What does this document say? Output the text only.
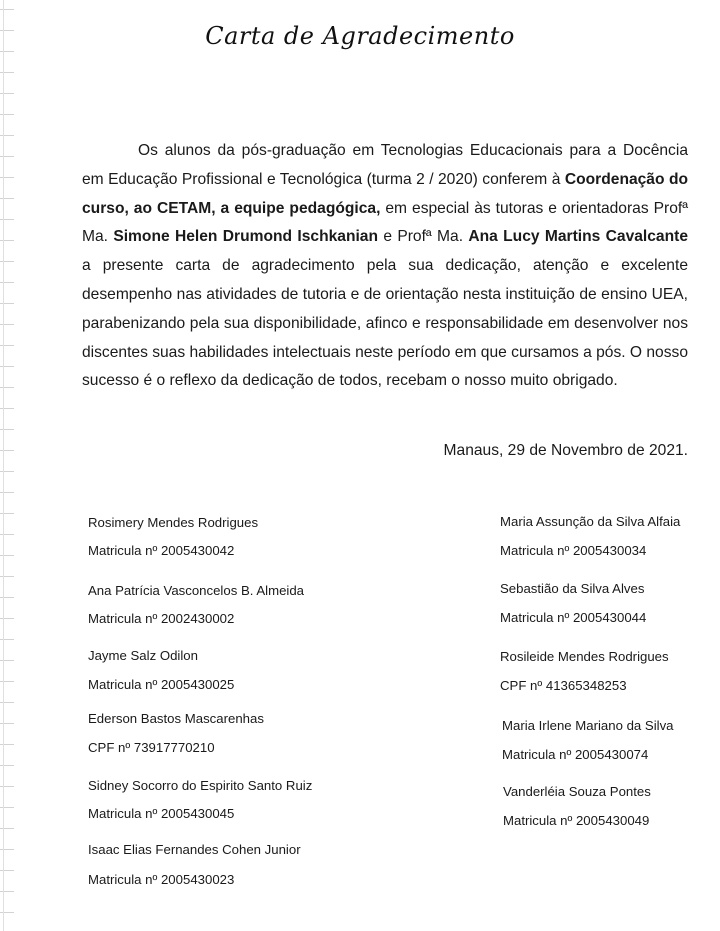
Carta de Agradecimento

Os alunos da pós-graduação em Tecnologias Educacionais para a Docência em Educação Profissional e Tecnológica (turma 2 / 2020) conferem à Coordenação do curso, ao CETAM, a equipe pedagógica, em especial às tutoras e orientadoras Profª Ma. Simone Helen Drumond Ischkanian e Profª Ma. Ana Lucy Martins Cavalcante a presente carta de agradecimento pela sua dedicação, atenção e excelente desempenho nas atividades de tutoria e de orientação nesta instituição de ensino UEA, parabenizando pela sua disponibilidade, afinco e responsabilidade em desenvolver nos discentes suas habilidades intelectuais neste período em que cursamos a pós. O nosso sucesso é o reflexo da dedicação de todos, recebam o nosso muito obrigado.

Manaus, 29 de Novembro de 2021.
Rosimery Mendes Rodrigues
Matricula nº 2005430042
Ana Patrícia Vasconcelos B. Almeida
Matricula nº 2002430002
Jayme Salz Odilon
Matricula nº 2005430025
Ederson Bastos Mascarenhas
CPF nº 73917770210
Sidney Socorro do Espirito Santo Ruiz
Matricula nº 2005430045
Isaac Elias Fernandes Cohen Junior
Matricula nº 2005430023
Maria Assunção da Silva Alfaia
Matricula nº 2005430034
Sebastião da Silva Alves
Matricula nº 2005430044
Rosileide Mendes Rodrigues
CPF nº 41365348253
Maria Irlene Mariano da Silva
Matricula nº 2005430074
Vanderléia Souza Pontes
Matricula nº 2005430049
